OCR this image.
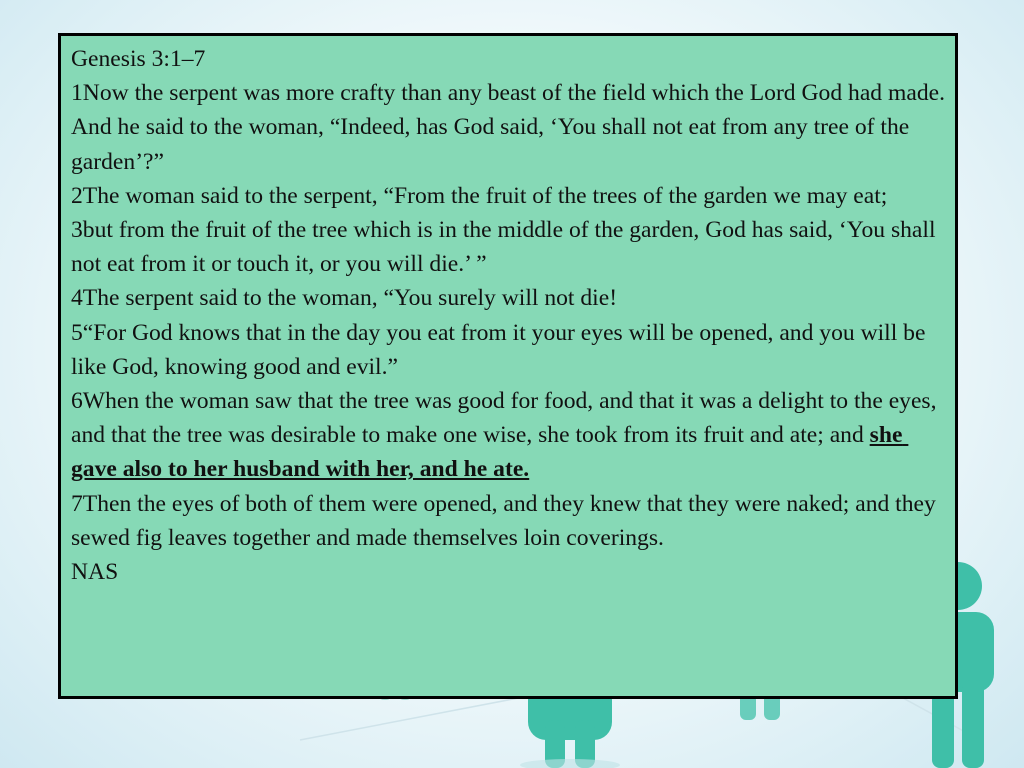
Genesis 3:1–7
1Now the serpent was more crafty than any beast of the field which the Lord God had made. And he said to the woman, “Indeed, has God said, ‘You shall not eat from any tree of the garden’?”
2The woman said to the serpent, “From the fruit of the trees of the garden we may eat;
3but from the fruit of the tree which is in the middle of the garden, God has said, ‘You shall not eat from it or touch it, or you will die.’ ”
4The serpent said to the woman, “You surely will not die!
5“For God knows that in the day you eat from it your eyes will be opened, and you will be like God, knowing good and evil.”
6When the woman saw that the tree was good for food, and that it was a delight to the eyes, and that the tree was desirable to make one wise, she took from its fruit and ate; and she gave also to her husband with her, and he ate.
7Then the eyes of both of them were opened, and they knew that they were naked; and they sewed fig leaves together and made themselves loin coverings.
NAS
